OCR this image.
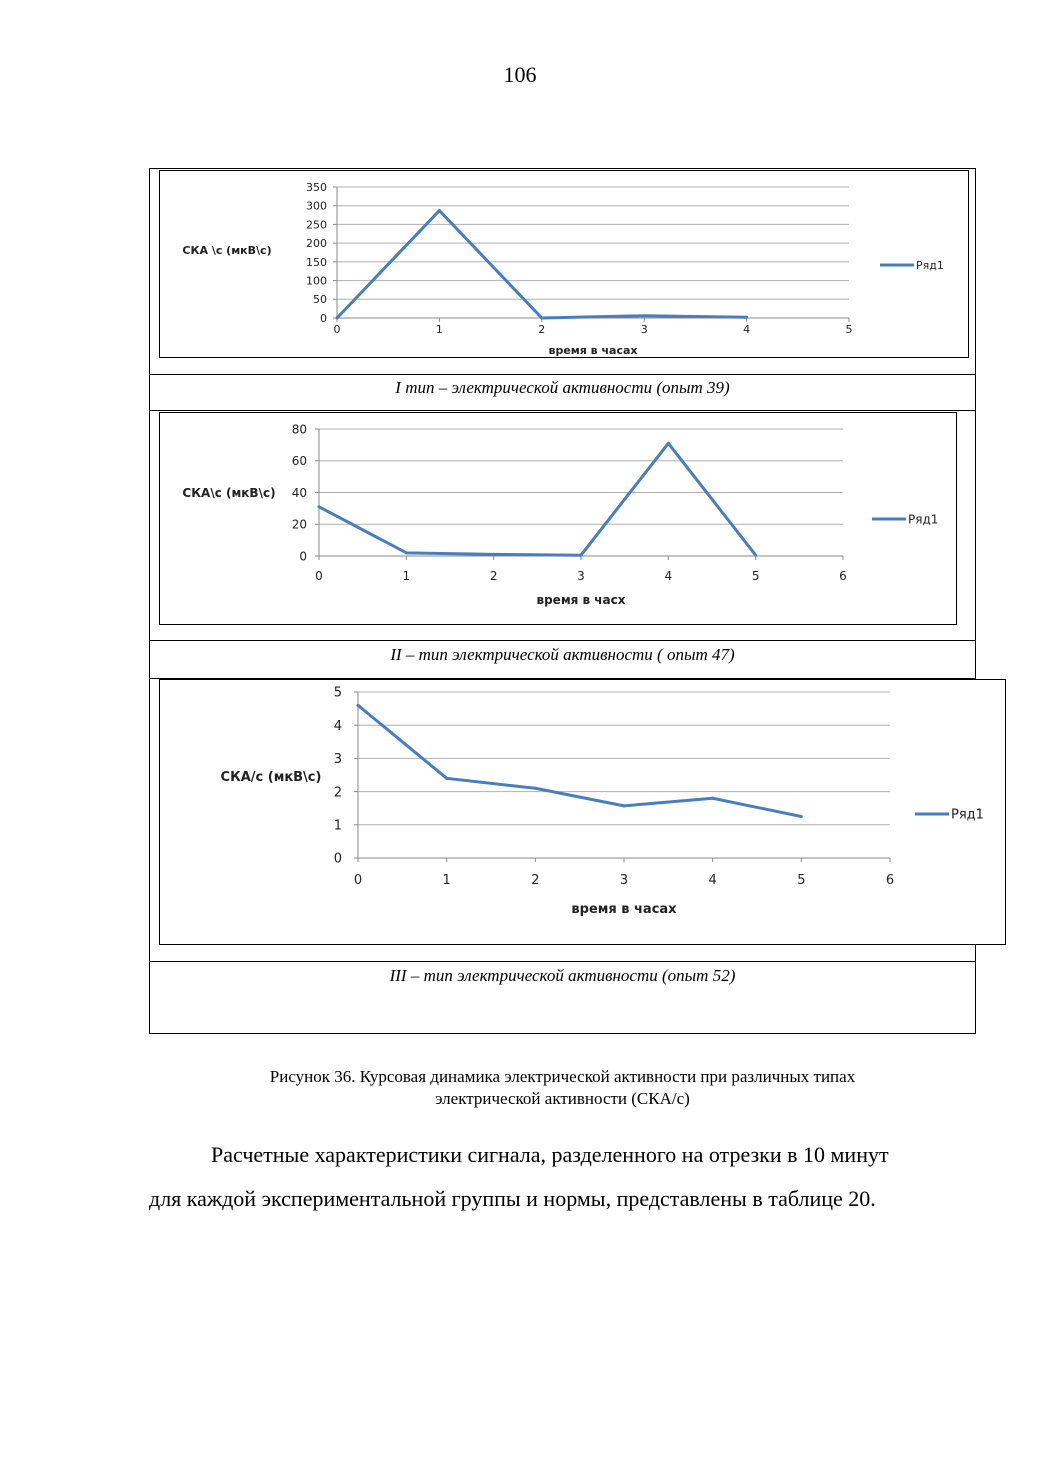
106
0
50
100
150
200
250
300
350
0	1	2	3	4	5
Ряд1
СКА \с (мкВ\с)
время в часах
I тип – электрической активности (опыт 39)
0
20
40
60
80
0	1	2	3	4	5	6
Ряд1
СКА\с (мкВ\с)
время в часх
II – тип электрической активности ( опыт 47)
0
1
2
3
4
5
0	1	2	3	4	5	6
Ряд1
СКА/с (мкВ\с)
время в часах
III – тип электрической активности (опыт 52)
Рисунок 36. Курсовая динамика электрической активности при различных типах
электрической активности (СКА/с)
Расчетные характеристики сигнала, разделенного на отрезки в 10 минут
для каждой экспериментальной группы и нормы, представлены в таблице 20.
